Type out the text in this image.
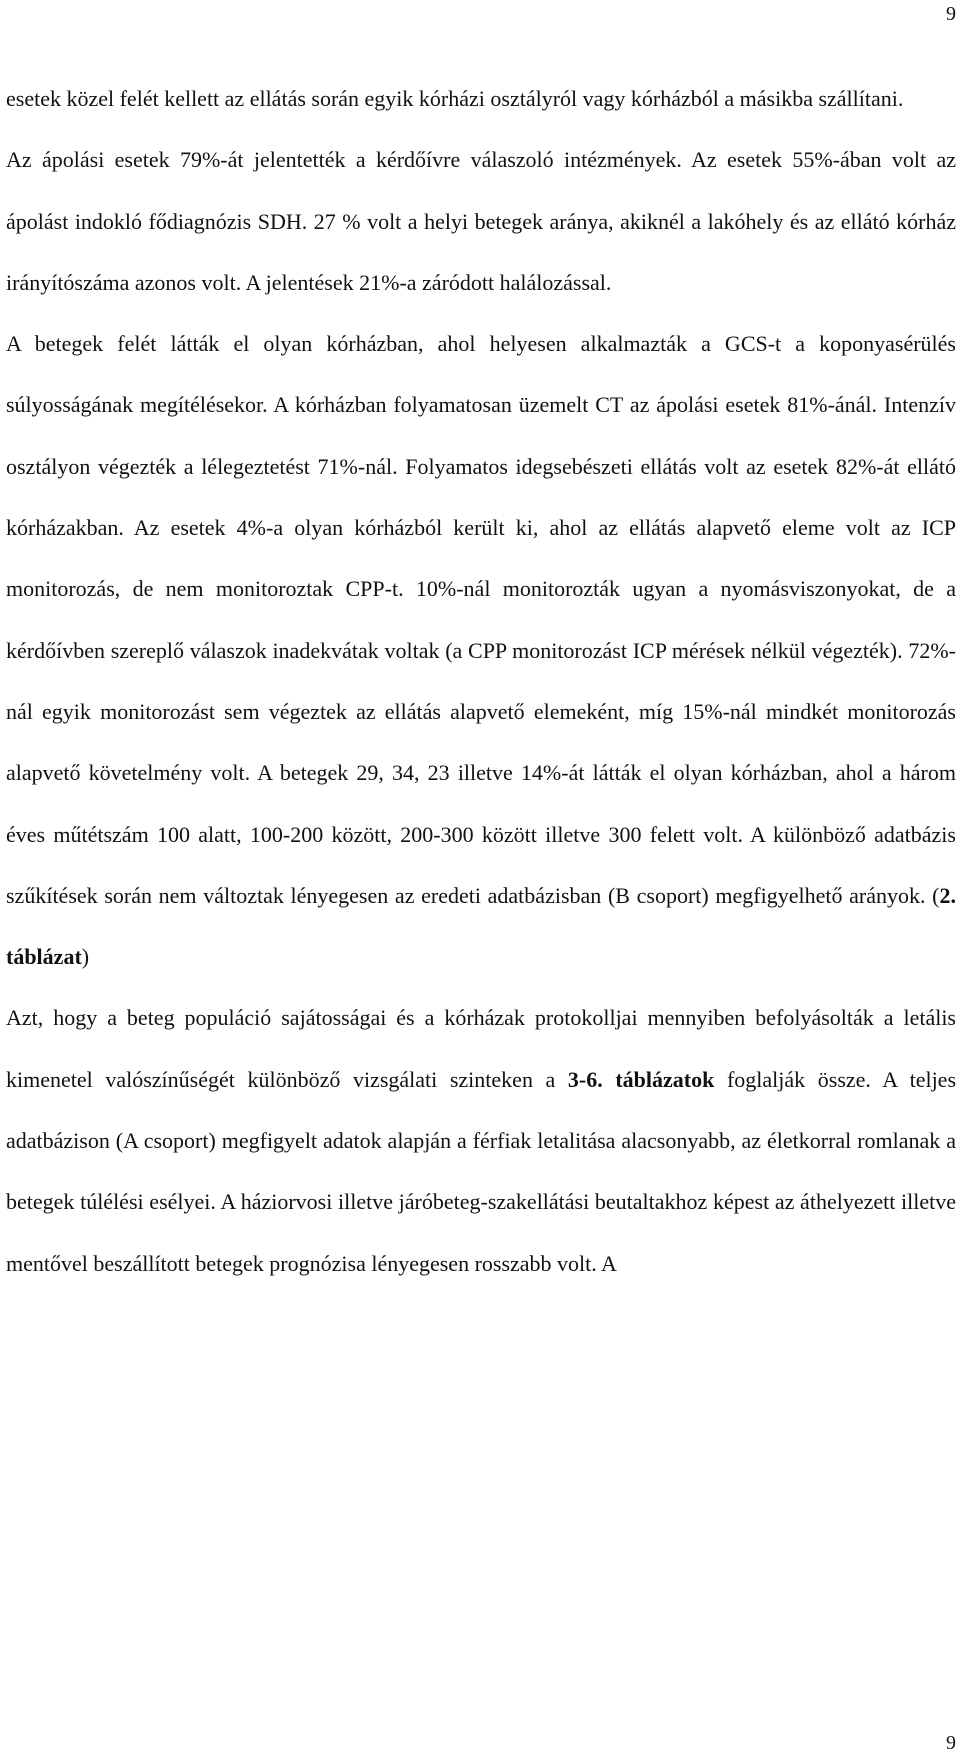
9

esetek közel felét kellett az ellátás során egyik kórházi osztályról vagy kórházból a másikba szállítani.

Az ápolási esetek 79%-át jelentették a kérdőívre válaszoló intézmények. Az esetek 55%-ában volt az ápolást indokló fődiagnózis SDH. 27 % volt a helyi betegek aránya, akiknél a lakóhely és az ellátó kórház irányítószáma azonos volt. A jelentések 21%-a záródott halálozással.

A betegek felét látták el olyan kórházban, ahol helyesen alkalmazták a GCS-t a koponyasérülés súlyosságának megítélésekor. A kórházban folyamatosan üzemelt CT az ápolási esetek 81%-ánál. Intenzív osztályon végezték a lélegeztetést 71%-nál. Folyamatos idegsebészeti ellátás volt az esetek 82%-át ellátó kórházakban. Az esetek 4%-a olyan kórházból került ki, ahol az ellátás alapvető eleme volt az ICP monitorozás, de nem monitoroztak CPP-t. 10%-nál monitorozták ugyan a nyomásviszonyokat, de a kérdőívben szereplő válaszok inadekvátak voltak (a CPP monitorozást ICP mérések nélkül végezték). 72%-nál egyik monitorozást sem végeztek az ellátás alapvető elemeként, míg 15%-nál mindkét monitorozás alapvető követelmény volt. A betegek 29, 34, 23 illetve 14%-át látták el olyan kórházban, ahol a három éves műtétszám 100 alatt, 100-200 között, 200-300 között illetve 300 felett volt. A különböző adatbázis szűkítések során nem változtak lényegesen az eredeti adatbázisban (B csoport) megfigyelhető arányok. (2. táblázat)

Azt, hogy a beteg populáció sajátosságai és a kórházak protokolljai mennyiben befolyásolták a letális kimenetel valószínűségét különböző vizsgálati szinteken a 3-6. táblázatok foglalják össze. A teljes adatbázison (A csoport) megfigyelt adatok alapján a férfiak letalitása alacsonyabb, az életkorral romlanak a betegek túlélési esélyei. A háziorvosi illetve járóbeteg-szakellátási beutaltakhoz képest az áthelyezett illetve mentővel beszállított betegek prognózisa lényegesen rosszabb volt. A

9
